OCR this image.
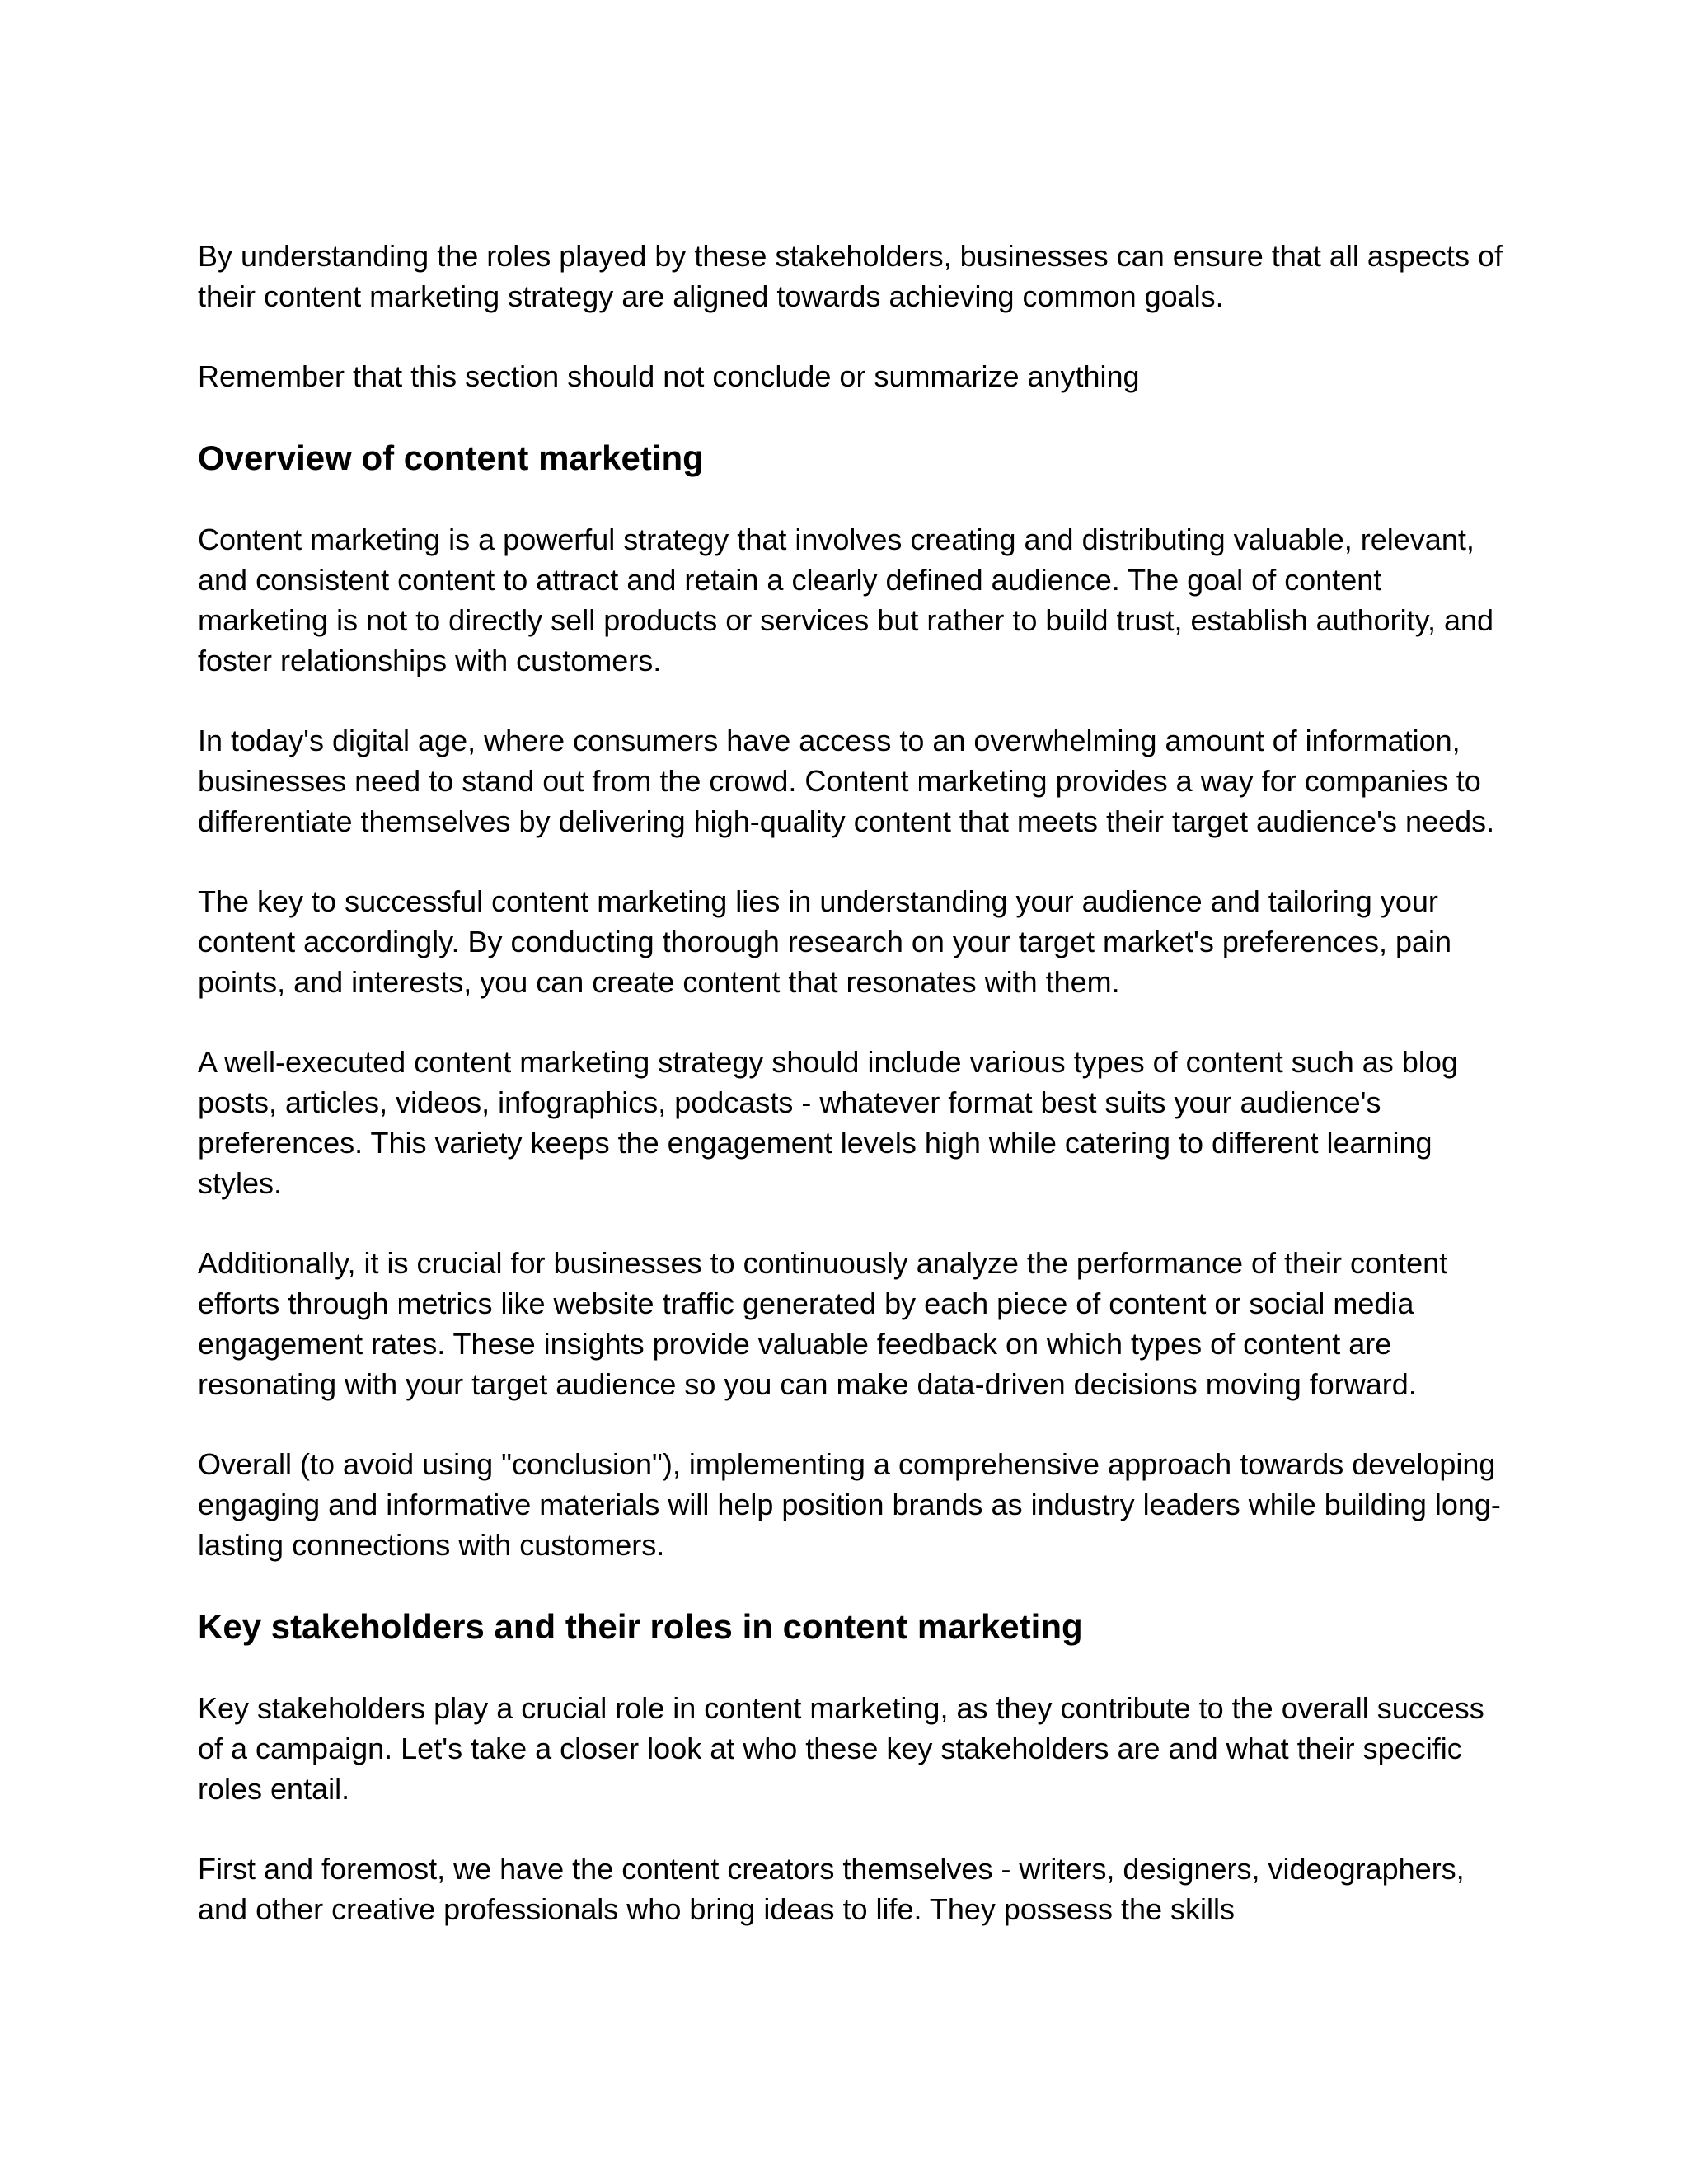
By understanding the roles played by these stakeholders, businesses can ensure that all aspects of their content marketing strategy are aligned towards achieving common goals.

Remember that this section should not conclude or summarize anything

Overview of content marketing

Content marketing is a powerful strategy that involves creating and distributing valuable, relevant, and consistent content to attract and retain a clearly defined audience. The goal of content marketing is not to directly sell products or services but rather to build trust, establish authority, and foster relationships with customers.

In today's digital age, where consumers have access to an overwhelming amount of information, businesses need to stand out from the crowd. Content marketing provides a way for companies to differentiate themselves by delivering high-quality content that meets their target audience's needs.

The key to successful content marketing lies in understanding your audience and tailoring your content accordingly. By conducting thorough research on your target market's preferences, pain points, and interests, you can create content that resonates with them.

A well-executed content marketing strategy should include various types of content such as blog posts, articles, videos, infographics, podcasts - whatever format best suits your audience's preferences. This variety keeps the engagement levels high while catering to different learning styles.

Additionally, it is crucial for businesses to continuously analyze the performance of their content efforts through metrics like website traffic generated by each piece of content or social media engagement rates. These insights provide valuable feedback on which types of content are resonating with your target audience so you can make data-driven decisions moving forward.

Overall (to avoid using "conclusion"), implementing a comprehensive approach towards developing engaging and informative materials will help position brands as industry leaders while building long-lasting connections with customers.

Key stakeholders and their roles in content marketing

Key stakeholders play a crucial role in content marketing, as they contribute to the overall success of a campaign. Let's take a closer look at who these key stakeholders are and what their specific roles entail.

First and foremost, we have the content creators themselves - writers, designers, videographers, and other creative professionals who bring ideas to life. They possess the skills
